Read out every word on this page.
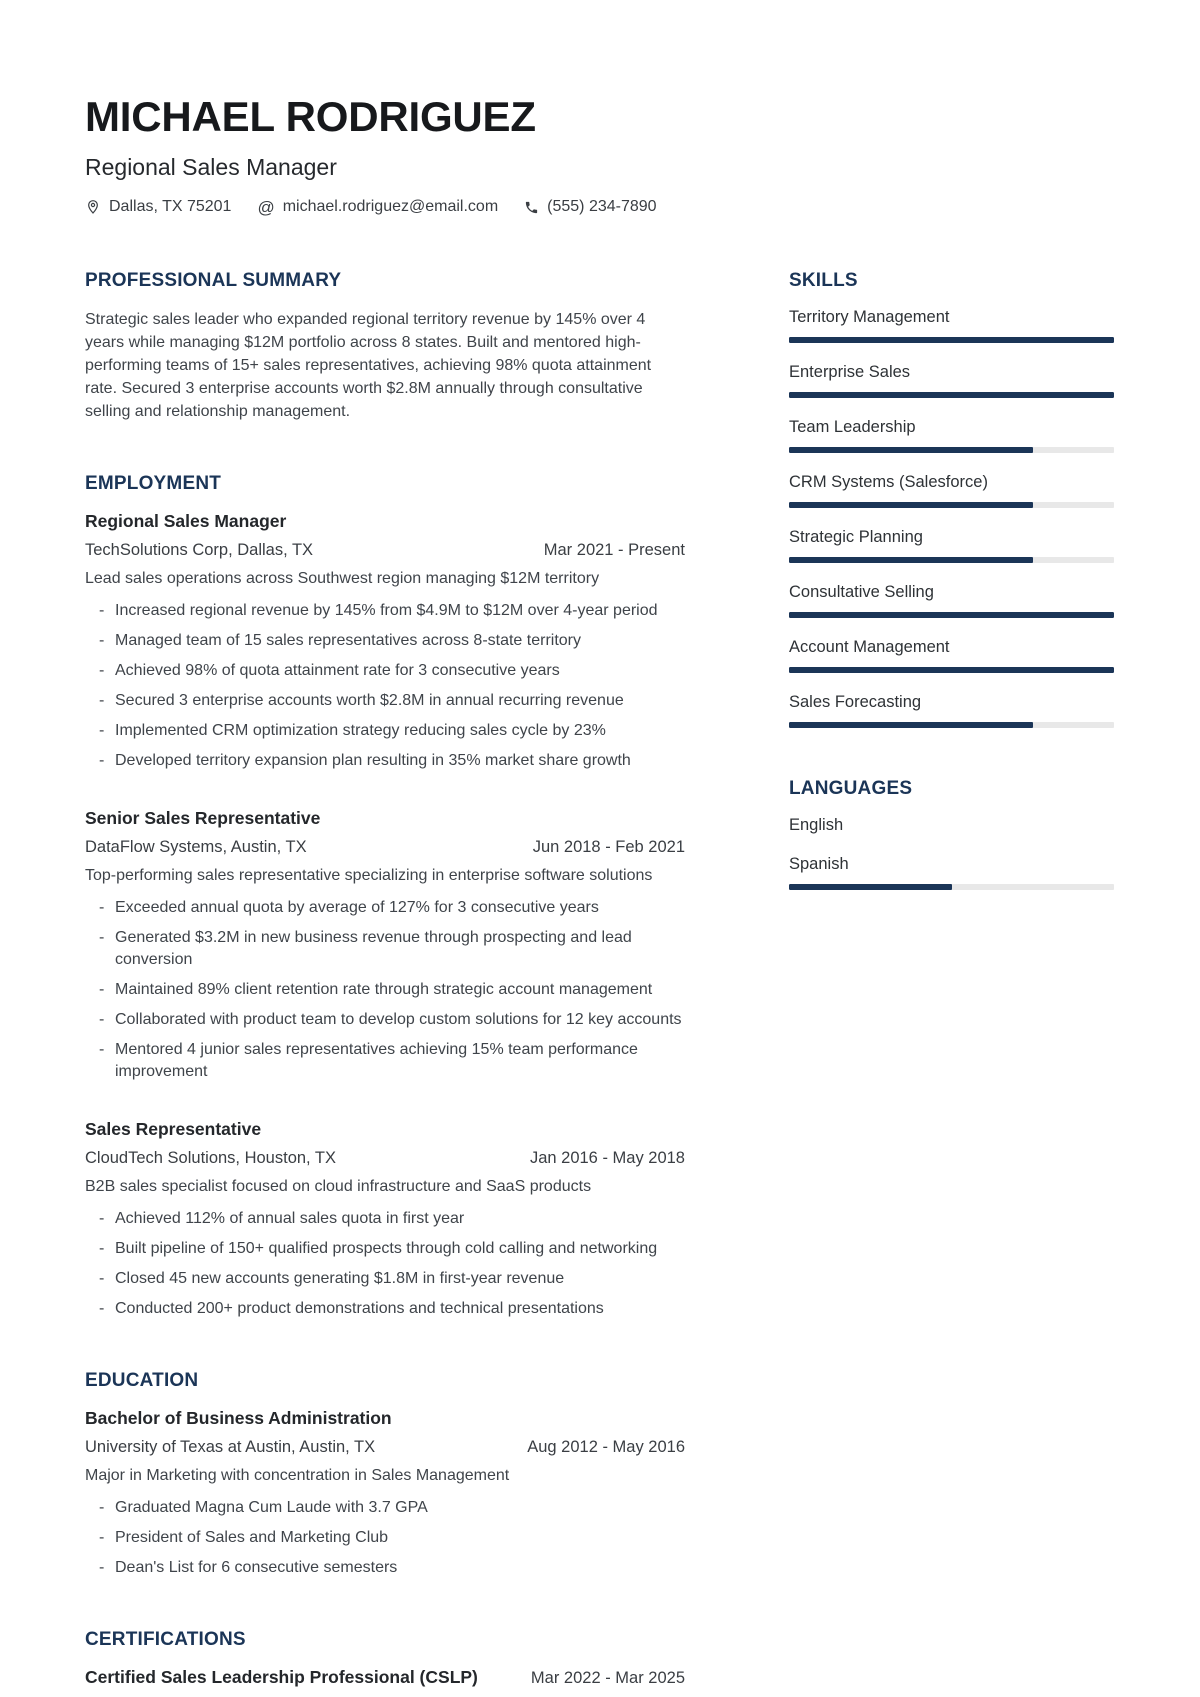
MICHAEL RODRIGUEZ
Regional Sales Manager
Dallas, TX 75201 @ michael.rodriguez@email.com	(555) 234-7890
PROFESSIONAL SUMMARY

Strategic sales leader who expanded regional territory revenue by 145% over 4 years while managing $12M portfolio across 8 states. Built and mentored high-performing teams of 15+ sales representatives, achieving 98% quota attainment rate. Secured 3 enterprise accounts worth $2.8M annually through consultative selling and relationship management.

EMPLOYMENT
Regional Sales Manager
TechSolutions Corp, Dallas, TX	Mar 2021 - Present
Lead sales operations across Southwest region managing $12M territory
- Increased regional revenue by 145% from $4.9M to $12M over 4-year period
- Managed team of 15 sales representatives across 8-state territory
- Achieved 98% of quota attainment rate for 3 consecutive years
- Secured 3 enterprise accounts worth $2.8M in annual recurring revenue
- Implemented CRM optimization strategy reducing sales cycle by 23%
- Developed territory expansion plan resulting in 35% market share growth
Senior Sales Representative
DataFlow Systems, Austin, TX	Jun 2018 - Feb 2021
Top-performing sales representative specializing in enterprise software solutions
- Exceeded annual quota by average of 127% for 3 consecutive years
- Generated $3.2M in new business revenue through prospecting and lead conversion
- Maintained 89% client retention rate through strategic account management
- Collaborated with product team to develop custom solutions for 12 key accounts
- Mentored 4 junior sales representatives achieving 15% team performance improvement
Sales Representative
CloudTech Solutions, Houston, TX	Jan 2016 - May 2018
B2B sales specialist focused on cloud infrastructure and SaaS products
- Achieved 112% of annual sales quota in first year
- Built pipeline of 150+ qualified prospects through cold calling and networking
- Closed 45 new accounts generating $1.8M in first-year revenue
- Conducted 200+ product demonstrations and technical presentations
EDUCATION
Bachelor of Business Administration
University of Texas at Austin, Austin, TX	Aug 2012 - May 2016
Major in Marketing with concentration in Sales Management
- Graduated Magna Cum Laude with 3.7 GPA
- President of Sales and Marketing Club
- Dean's List for 6 consecutive semesters
CERTIFICATIONS
Certified Sales Leadership Professional (CSLP)	Mar 2022 - Mar 2025
SKILLS
Territory Management
Enterprise Sales
Team Leadership
CRM Systems (Salesforce)
Strategic Planning
Consultative Selling
Account Management
Sales Forecasting
LANGUAGES
English
Spanish
